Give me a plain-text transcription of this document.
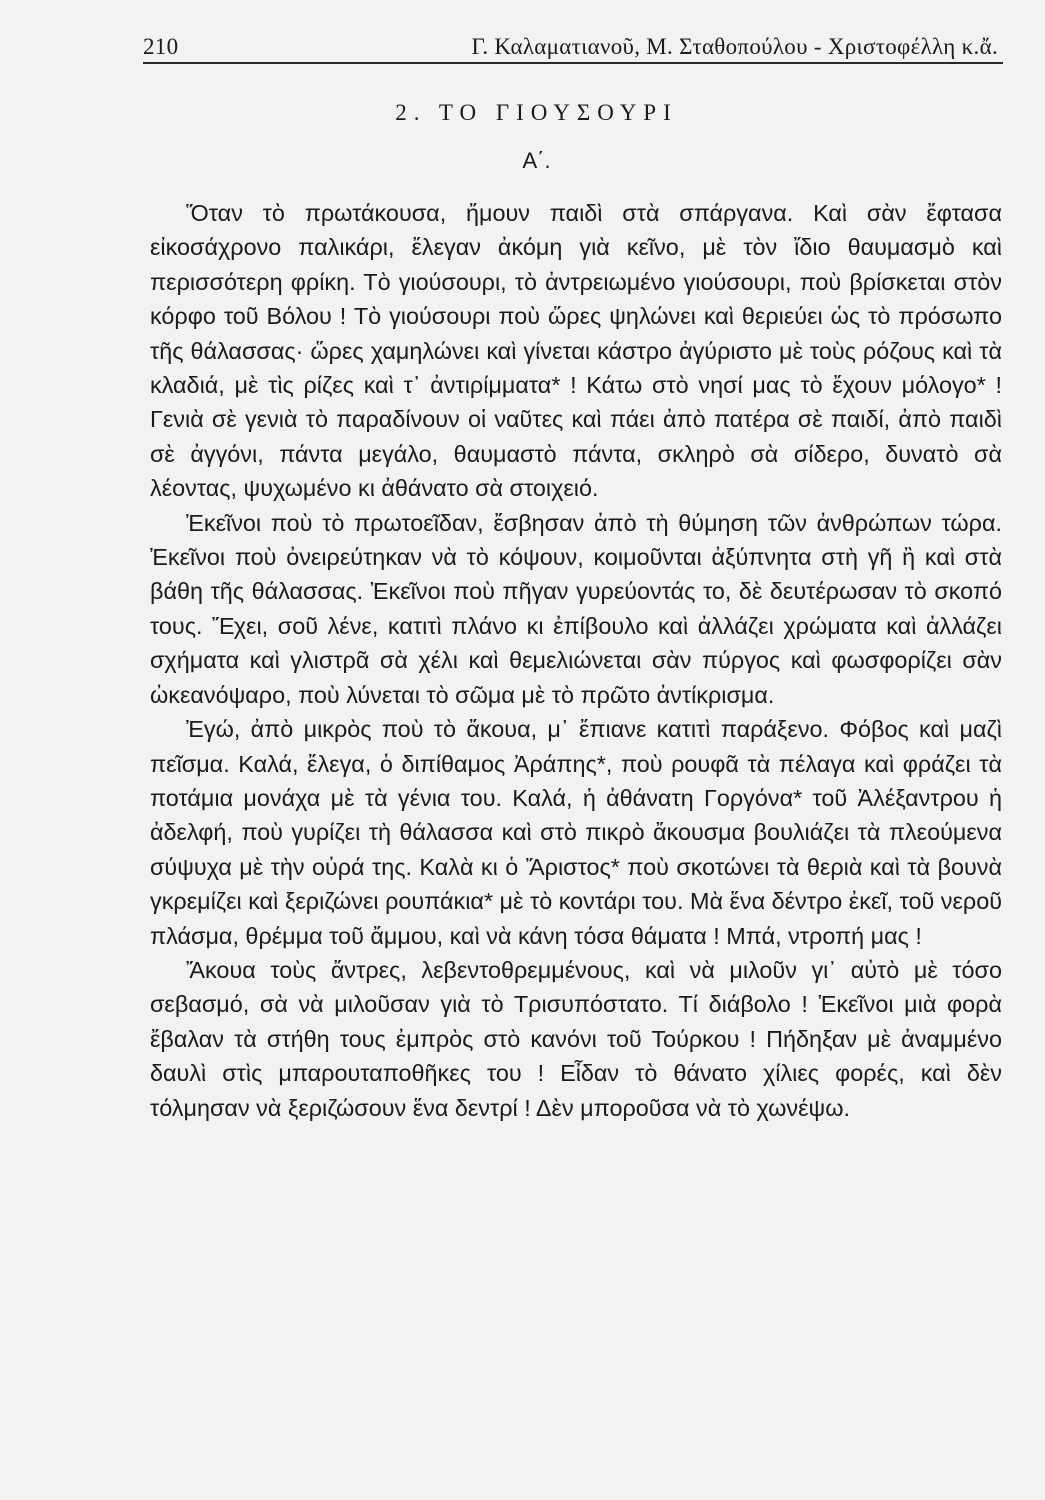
210	Γ. Καλαματιανοῦ, Μ. Σταθοπούλου - Χριστοφέλλη κ.ἄ.
2. ΤΟ ΓΙΟΥΣΟΥΡΙ
Α΄.

Ὅταν τὸ πρωτάκουσα, ἤμουν παιδὶ στὰ σπάργανα. Καὶ σὰν ἔφτασα εἰκοσάχρονο παλικάρι, ἔλεγαν ἀκόμη γιὰ κεῖνο, μὲ τὸν ἴδιο θαυμασμὸ καὶ περισσότερη φρίκη. Τὸ γιούσουρι, τὸ ἀντρειωμένο γιούσουρι, ποὺ βρίσκεται στὸν κόρφο τοῦ Βόλου ! Τὸ γιούσουρι ποὺ ὥρες ψηλώνει καὶ θεριεύει ὡς τὸ πρόσωπο τῆς θάλασσας· ὥρες χαμηλώνει καὶ γίνεται κάστρο ἀγύριστο μὲ τοὺς ρόζους καὶ τὰ κλαδιά, μὲ τὶς ρίζες καὶ τ᾽ ἀντιρίμματα* ! Κάτω στὸ νησί μας τὸ ἔχουν μόλογο* ! Γενιὰ σὲ γενιὰ τὸ παραδίνουν οἱ ναῦτες καὶ πάει ἀπὸ πατέρα σὲ παιδί, ἀπὸ παιδὶ σὲ ἀγγόνι, πάντα μεγάλο, θαυμαστὸ πάντα, σκληρὸ σὰ σίδερο, δυνατὸ σὰ λέοντας, ψυχωμένο κι ἀθάνατο σὰ στοιχειό.

Ἐκεῖνοι ποὺ τὸ πρωτοεῖδαν, ἔσβησαν ἀπὸ τὴ θύμηση τῶν ἀνθρώπων τώρα. Ἐκεῖνοι ποὺ ὀνειρεύτηκαν νὰ τὸ κόψουν, κοιμοῦνται ἀξύπνητα στὴ γῆ ἢ καὶ στὰ βάθη τῆς θάλασσας. Ἐκεῖνοι ποὺ πῆγαν γυρεύοντάς το, δὲ δευτέρωσαν τὸ σκοπό τους. Ἔχει, σοῦ λένε, κατιτὶ πλάνο κι ἐπίβουλο καὶ ἀλλάζει χρώματα καὶ ἀλλάζει σχήματα καὶ γλιστρᾶ σὰ χέλι καὶ θεμελιώνεται σὰν πύργος καὶ φωσφορίζει σὰν ὠκεανόψαρο, ποὺ λύνεται τὸ σῶμα μὲ τὸ πρῶτο ἀντίκρισμα.

Ἐγώ, ἀπὸ μικρὸς ποὺ τὸ ἄκουα, μ᾽ ἔπιανε κατιτὶ παράξενο. Φόβος καὶ μαζὶ πεῖσμα. Καλά, ἔλεγα, ὁ διπίθαμος Ἀράπης*, ποὺ ρουφᾶ τὰ πέλαγα καὶ φράζει τὰ ποτάμια μονάχα μὲ τὰ γένια του. Καλά, ἡ ἀθάνατη Γοργόνα* τοῦ Ἀλέξαντρου ἡ ἀδελφή, ποὺ γυρίζει τὴ θάλασσα καὶ στὸ πικρὸ ἄκουσμα βουλιάζει τὰ πλεούμενα σύψυχα μὲ τὴν οὐρά της. Καλὰ κι ὁ Ἄριστος* ποὺ σκοτώνει τὰ θεριὰ καὶ τὰ βουνὰ γκρεμίζει καὶ ξεριζώνει ρουπάκια* μὲ τὸ κοντάρι του. Μὰ ἕνα δέντρο ἐκεῖ, τοῦ νεροῦ πλάσμα, θρέμμα τοῦ ἄμμου, καὶ νὰ κάνη τόσα θάματα ! Μπά, ντροπή μας !

Ἄκουα τοὺς ἄντρες, λεβεντοθρεμμένους, καὶ νὰ μιλοῦν γι᾽ αὐτὸ μὲ τόσο σεβασμό, σὰ νὰ μιλοῦσαν γιὰ τὸ Τρισυπόστατο. Τί διάβολο ! Ἐκεῖνοι μιὰ φορὰ ἔβαλαν τὰ στήθη τους ἐμπρὸς στὸ κανόνι τοῦ Τούρκου ! Πήδηξαν μὲ ἀναμμένο δαυλὶ στὶς μπαρουταποθῆκες του ! Εἶδαν τὸ θάνατο χίλιες φορές, καὶ δὲν τόλμησαν νὰ ξεριζώσουν ἕνα δεντρί ! Δὲν μποροῦσα νὰ τὸ χωνέψω.
